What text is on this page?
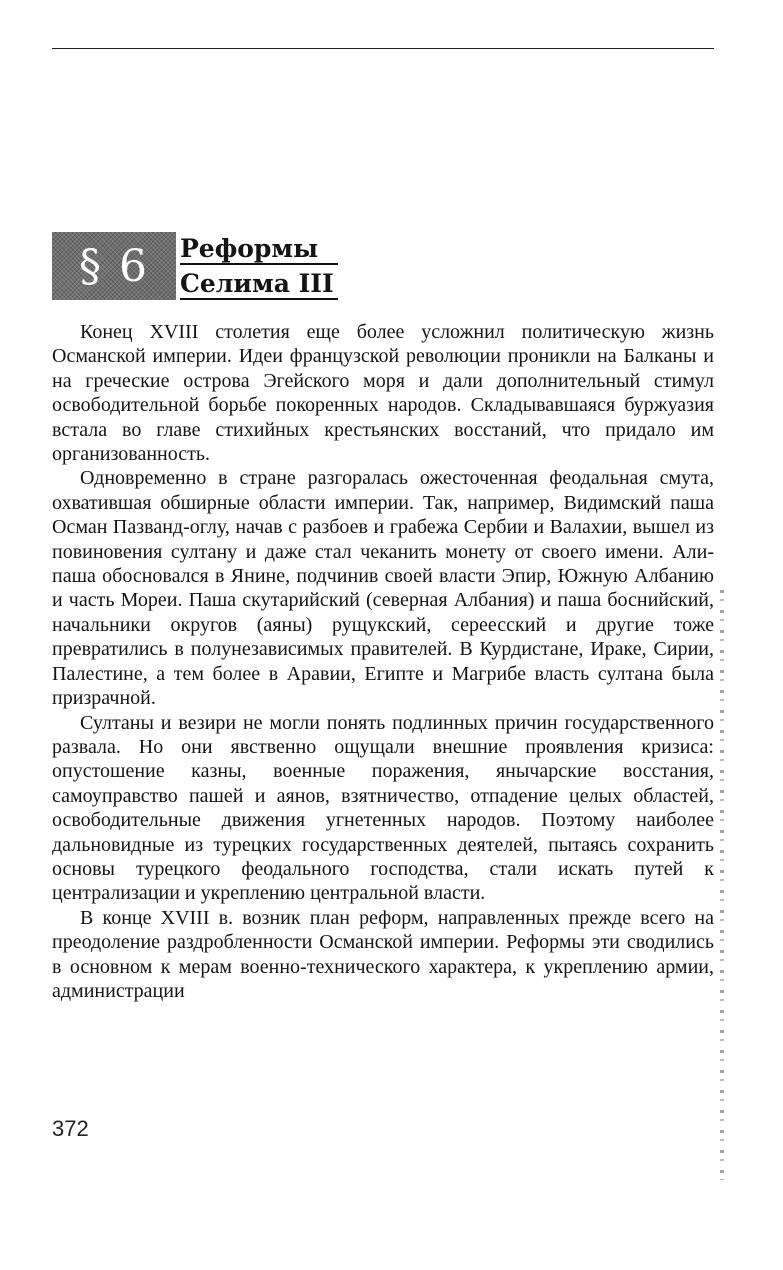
§ 6	Реформы
Селима III

Конец XVIII столетия еще более усложнил политическую жизнь Османской империи. Идеи французской революции проникли на Балканы и на греческие острова Эгейского моря и дали дополнительный стимул освободительной борьбе покоренных народов. Складывавшаяся буржуазия встала во главе стихийных крестьянских восстаний, что придало им организованность.

Одновременно в стране разгоралась ожесточенная феодальная смута, охватившая обширные области империи. Так, например, Видимский паша Осман Пазванд-оглу, начав с разбоев и грабежа Сербии и Валахии, вышел из повиновения султану и даже стал чеканить монету от своего имени. Али-паша обосновался в Янине, подчинив своей власти Эпир, Южную Албанию и часть Мореи. Паша скутарийский (северная Албания) и паша боснийский, начальники округов (аяны) рущукский, сереесский и другие тоже превратились в полунезависимых правителей. В Курдистане, Ираке, Сирии, Палестине, а тем более в Аравии, Египте и Магрибе власть султана была призрачной.

Султаны и везири не могли понять подлинных причин государственного развала. Но они явственно ощущали внешние проявления кризиса: опустошение казны, военные поражения, янычарские восстания, самоуправство пашей и аянов, взятничество, отпадение целых областей, освободительные движения угнетенных народов. Поэтому наиболее дальновидные из турецких государственных деятелей, пытаясь сохранить основы турецкого феодального господства, стали искать путей к централизации и укреплению центральной власти.

В конце XVIII в. возник план реформ, направленных прежде всего на преодоление раздробленности Османской империи. Реформы эти сводились в основном к мерам военно-технического характера, к укреплению армии, администрации

372
